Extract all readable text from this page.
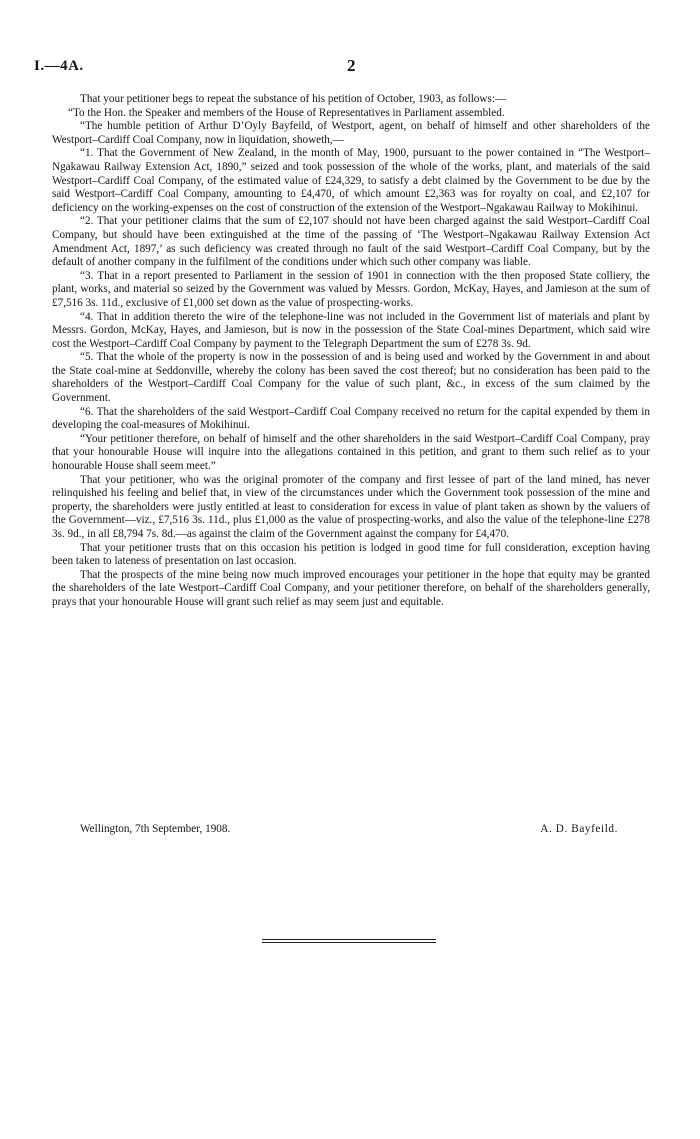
I.—4A.	2

That your petitioner begs to repeat the substance of his petition of October, 1903, as follows:—

“To the Hon. the Speaker and members of the House of Representatives in Parliament assembled.

“The humble petition of Arthur D’Oyly Bayfeild, of Westport, agent, on behalf of himself and other shareholders of the Westport–Cardiff Coal Company, now in liquidation, showeth,—

“1. That the Government of New Zealand, in the month of May, 1900, pursuant to the power contained in “The Westport–Ngakawau Railway Extension Act, 1890,” seized and took possession of the whole of the works, plant, and materials of the said Westport–Cardiff Coal Company, of the estimated value of £24,329, to satisfy a debt claimed by the Government to be due by the said Westport–Cardiff Coal Company, amounting to £4,470, of which amount £2,363 was for royalty on coal, and £2,107 for deficiency on the working-expenses on the cost of construction of the extension of the Westport–Ngakawau Railway to Mokihinui.

“2. That your petitioner claims that the sum of £2,107 should not have been charged against the said Westport–Cardiff Coal Company, but should have been extinguished at the time of the passing of ‘The Westport–Ngakawau Railway Extension Act Amendment Act, 1897,’ as such deficiency was created through no fault of the said Westport–Cardiff Coal Company, but by the default of another company in the fulfilment of the conditions under which such other company was liable.

“3. That in a report presented to Parliament in the session of 1901 in connection with the then proposed State colliery, the plant, works, and material so seized by the Government was valued by Messrs. Gordon, McKay, Hayes, and Jamieson at the sum of £7,516 3s. 11d., exclusive of £1,000 set down as the value of prospecting-works.

“4. That in addition thereto the wire of the telephone-line was not included in the Government list of materials and plant by Messrs. Gordon, McKay, Hayes, and Jamieson, but is now in the possession of the State Coal-mines Department, which said wire cost the Westport–Cardiff Coal Company by payment to the Telegraph Department the sum of £278 3s. 9d.

“5. That the whole of the property is now in the possession of and is being used and worked by the Government in and about the State coal-mine at Seddonville, whereby the colony has been saved the cost thereof; but no consideration has been paid to the shareholders of the Westport–Cardiff Coal Company for the value of such plant, &c., in excess of the sum claimed by the Government.

“6. That the shareholders of the said Westport–Cardiff Coal Company received no return for the capital expended by them in developing the coal-measures of Mokihinui.

“Your petitioner therefore, on behalf of himself and the other shareholders in the said Westport–Cardiff Coal Company, pray that your honourable House will inquire into the allegations contained in this petition, and grant to them such relief as to your honourable House shall seem meet.”

That your petitioner, who was the original promoter of the company and first lessee of part of the land mined, has never relinquished his feeling and belief that, in view of the circumstances under which the Government took possession of the mine and property, the shareholders were justly entitled at least to consideration for excess in value of plant taken as shown by the valuers of the Government—viz., £7,516 3s. 11d., plus £1,000 as the value of prospecting-works, and also the value of the telephone-line £278 3s. 9d., in all £8,794 7s. 8d.—as against the claim of the Government against the company for £4,470.

That your petitioner trusts that on this occasion his petition is lodged in good time for full consideration, exception having been taken to lateness of presentation on last occasion.

That the prospects of the mine being now much improved encourages your petitioner in the hope that equity may be granted the shareholders of the late Westport–Cardiff Coal Company, and your petitioner therefore, on behalf of the shareholders generally, prays that your honourable House will grant such relief as may seem just and equitable.

Wellington, 7th September, 1908.	A. D. Bayfeild.
